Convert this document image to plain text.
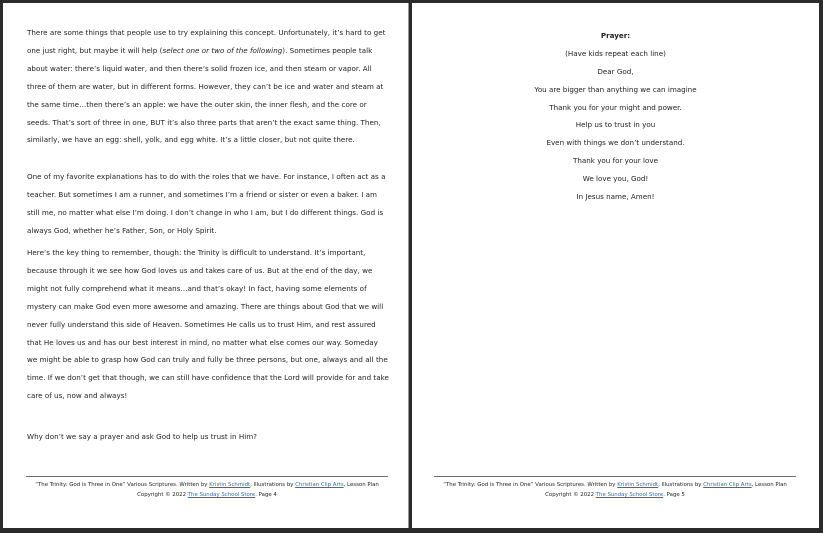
There are some things that people use to try explaining this concept. Unfortunately, it’s hard to get one just right, but maybe it will help (select one or two of the following). Sometimes people talk about water: there’s liquid water, and then there’s solid frozen ice, and then steam or vapor. All three of them are water, but in different forms. However, they can’t be ice and water and steam at the same time…then there’s an apple: we have the outer skin, the inner flesh, and the core or seeds. That’s sort of three in one, BUT it’s also three parts that aren’t the exact same thing. Then, similarly, we have an egg: shell, yolk, and egg white. It’s a little closer, but not quite there.

One of my favorite explanations has to do with the roles that we have. For instance, I often act as a teacher. But sometimes I am a runner, and sometimes I’m a friend or sister or even a baker. I am still me, no matter what else I’m doing. I don’t change in who I am, but I do different things. God is always God, whether he’s Father, Son, or Holy Spirit.

Here’s the key thing to remember, though: the Trinity is difficult to understand. It’s important, because through it we see how God loves us and takes care of us. But at the end of the day, we might not fully comprehend what it means…and that’s okay! In fact, having some elements of mystery can make God even more awesome and amazing. There are things about God that we will never fully understand this side of Heaven. Sometimes He calls us to trust Him, and rest assured that He loves us and has our best interest in mind, no matter what else comes our way. Someday we might be able to grasp how God can truly and fully be three persons, but one, always and all the time. If we don’t get that though, we can still have confidence that the Lord will provide for and take care of us, now and always!

Why don’t we say a prayer and ask God to help us trust in Him?

“The Trinity: God is Three in One” Various Scriptures. Written by Kristin Schmidt, Illustrations by Christian Clip Arts, Lesson Plan Copyright © 2022 The Sunday School Store. Page 4
Prayer:
(Have kids repeat each line)
Dear God,
You are bigger than anything we can imagine
Thank you for your might and power.
Help us to trust in you
Even with things we don’t understand.
Thank you for your love
We love you, God!
In Jesus name, Amen!
“The Trinity: God is Three in One” Various Scriptures. Written by Kristin Schmidt, Illustrations by Christian Clip Arts, Lesson Plan Copyright © 2022 The Sunday School Store. Page 5
